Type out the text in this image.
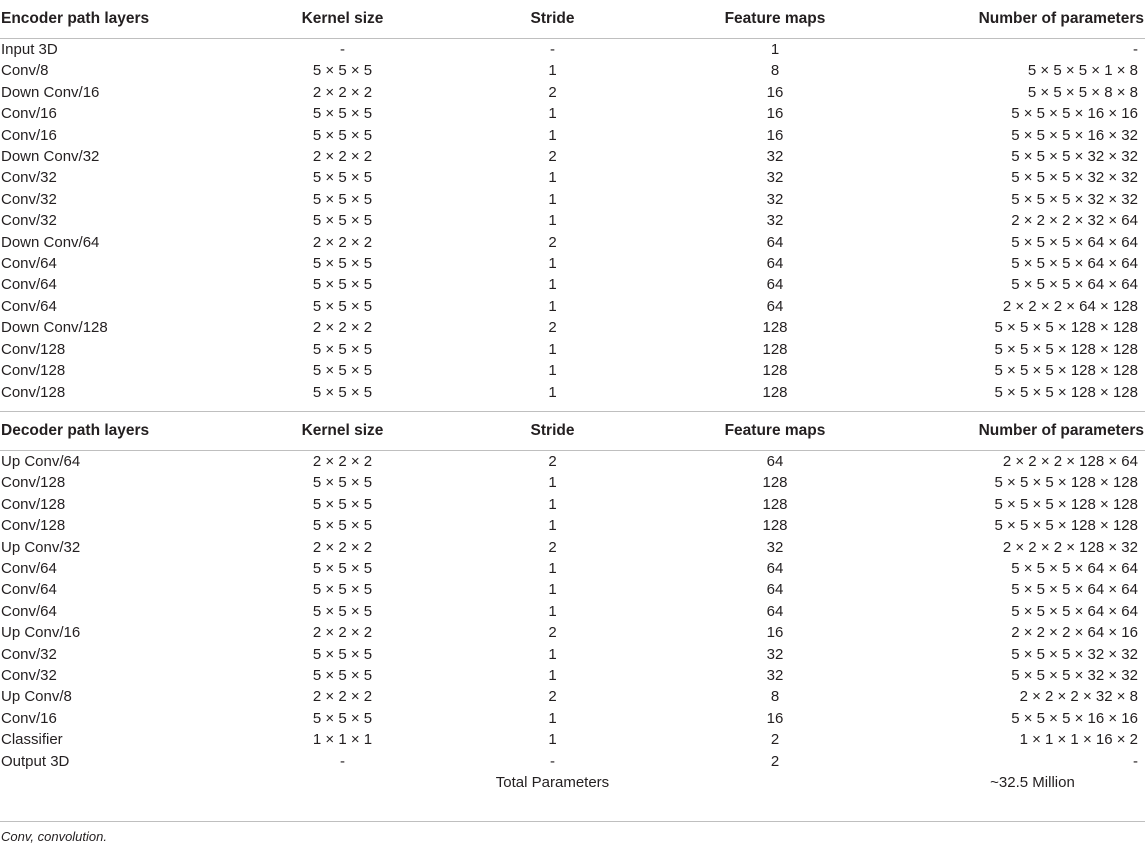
Encoder path layers	Kernel size	Stride	Feature maps	Number of parameters
Input 3D	-	-	1	-
Conv/8	5 × 5 × 5	1	8	5 × 5 × 5 × 1 × 8
Down Conv/16	2 × 2 × 2	2	16	5 × 5 × 5 × 8 × 8
Conv/16	5 × 5 × 5	1	16	5 × 5 × 5 × 16 × 16
Conv/16	5 × 5 × 5	1	16	5 × 5 × 5 × 16 × 32
Down Conv/32	2 × 2 × 2	2	32	5 × 5 × 5 × 32 × 32
Conv/32	5 × 5 × 5	1	32	5 × 5 × 5 × 32 × 32
Conv/32	5 × 5 × 5	1	32	5 × 5 × 5 × 32 × 32
Conv/32	5 × 5 × 5	1	32	2 × 2 × 2 × 32 × 64
Down Conv/64	2 × 2 × 2	2	64	5 × 5 × 5 × 64 × 64
Conv/64	5 × 5 × 5	1	64	5 × 5 × 5 × 64 × 64
Conv/64	5 × 5 × 5	1	64	5 × 5 × 5 × 64 × 64
Conv/64	5 × 5 × 5	1	64	2 × 2 × 2 × 64 × 128
Down Conv/128	2 × 2 × 2	2	128	5 × 5 × 5 × 128 × 128
Conv/128	5 × 5 × 5	1	128	5 × 5 × 5 × 128 × 128
Conv/128	5 × 5 × 5	1	128	5 × 5 × 5 × 128 × 128
Conv/128	5 × 5 × 5	1	128	5 × 5 × 5 × 128 × 128

Decoder path layers	Kernel size	Stride	Feature maps	Number of parameters
Up Conv/64	2 × 2 × 2	2	64	2 × 2 × 2 × 128 × 64
Conv/128	5 × 5 × 5	1	128	5 × 5 × 5 × 128 × 128
Conv/128	5 × 5 × 5	1	128	5 × 5 × 5 × 128 × 128
Conv/128	5 × 5 × 5	1	128	5 × 5 × 5 × 128 × 128
Up Conv/32	2 × 2 × 2	2	32	2 × 2 × 2 × 128 × 32
Conv/64	5 × 5 × 5	1	64	5 × 5 × 5 × 64 × 64
Conv/64	5 × 5 × 5	1	64	5 × 5 × 5 × 64 × 64
Conv/64	5 × 5 × 5	1	64	5 × 5 × 5 × 64 × 64
Up Conv/16	2 × 2 × 2	2	16	2 × 2 × 2 × 64 × 16
Conv/32	5 × 5 × 5	1	32	5 × 5 × 5 × 32 × 32
Conv/32	5 × 5 × 5	1	32	5 × 5 × 5 × 32 × 32
Up Conv/8	2 × 2 × 2	2	8	2 × 2 × 2 × 32 × 8
Conv/16	5 × 5 × 5	1	16	5 × 5 × 5 × 16 × 16
Classifier	1 × 1 × 1	1	2	1 × 1 × 1 × 16 × 2
Output 3D	-	-	2	-
		Total Parameters		~32.5 Million
Conv, convolution.
